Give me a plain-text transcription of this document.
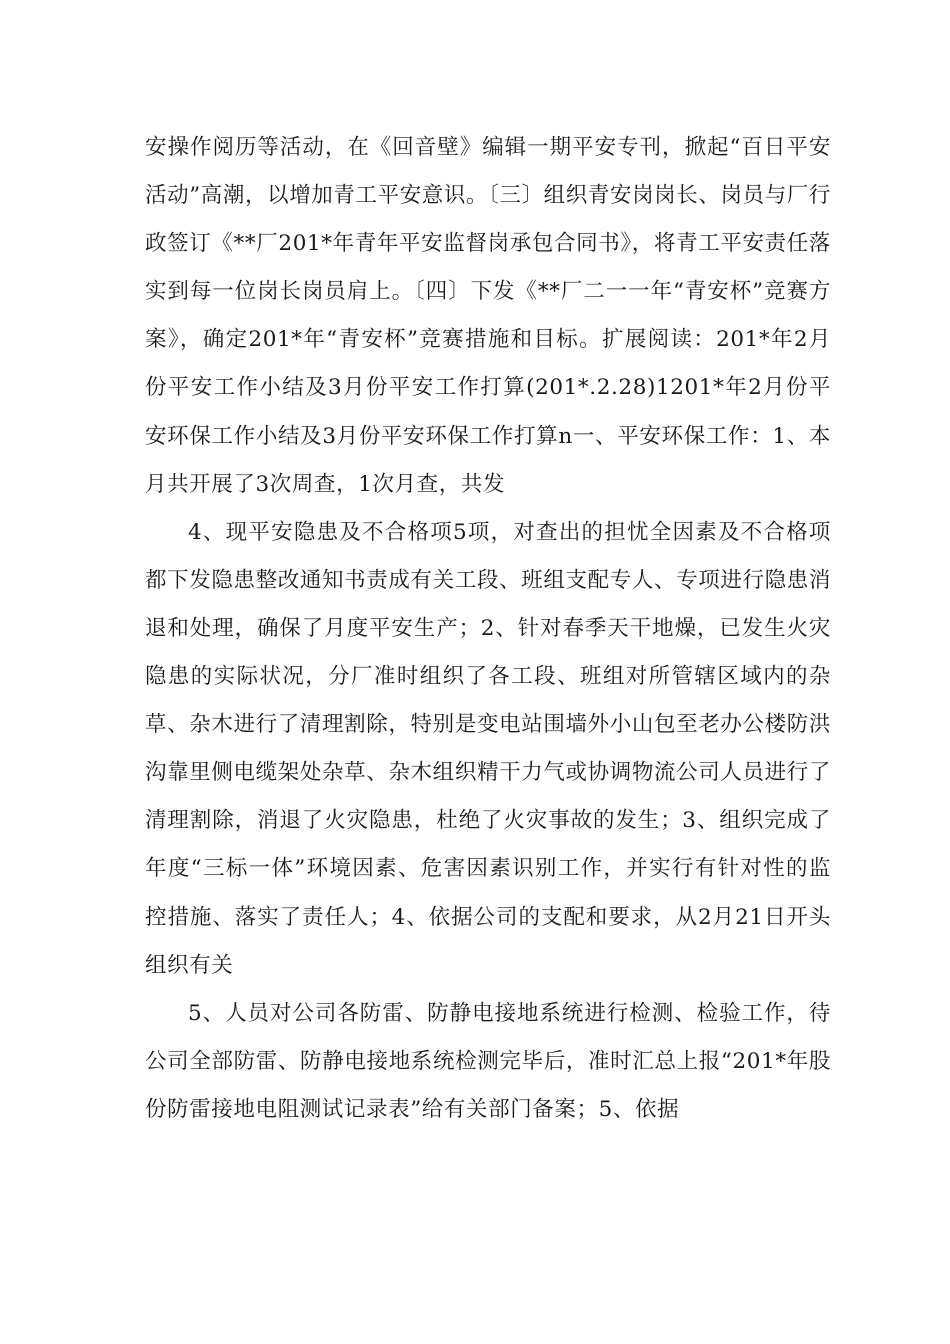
安操作阅历等活动，在《回音壁》编辑一期平安专刊，掀起“百日平安活动”高潮，以增加青工平安意识。〔三〕组织青安岗岗长、岗员与厂行政签订《**厂201*年青年平安监督岗承包合同书》，将青工平安责任落实到每一位岗长岗员肩上。〔四〕下发《**厂二一一年“青安杯”竞赛方案》，确定201*年“青安杯”竞赛措施和目标。扩展阅读：201*年2月份平安工作小结及3月份平安工作打算(201*.2.28)1201*年2月份平安环保工作小结及3月份平安环保工作打算n一、平安环保工作：1、本月共开展了3次周查，1次月查，共发

4、现平安隐患及不合格项5项，对查出的担忧全因素及不合格项都下发隐患整改通知书责成有关工段、班组支配专人、专项进行隐患消退和处理，确保了月度平安生产；2、针对春季天干地燥，已发生火灾隐患的实际状况，分厂准时组织了各工段、班组对所管辖区域内的杂草、杂木进行了清理割除，特别是变电站围墙外小山包至老办公楼防洪沟靠里侧电缆架处杂草、杂木组织精干力气或协调物流公司人员进行了清理割除，消退了火灾隐患，杜绝了火灾事故的发生；3、组织完成了年度“三标一体”环境因素、危害因素识别工作，并实行有针对性的监控措施、落实了责任人；4、依据公司的支配和要求，从2月21日开头组织有关

5、人员对公司各防雷、防静电接地系统进行检测、检验工作，待公司全部防雷、防静电接地系统检测完毕后，准时汇总上报“201*年股份防雷接地电阻测试记录表”给有关部门备案；5、依据
